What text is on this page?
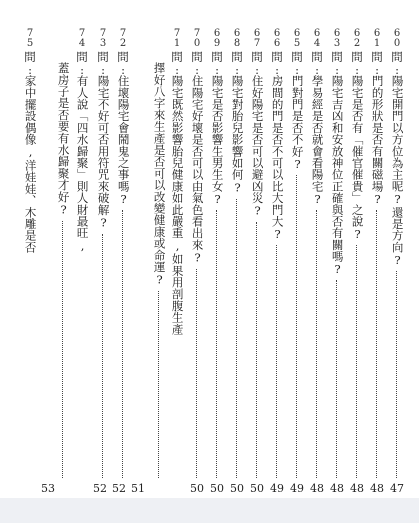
60
問
:
陽宅開門以方位為主呢?還是方向?
61
問
:
門的形狀是否有關磁場?
62
問
:
陽宅是否有「催官催貴」之說?
63
問
:
陽宅吉凶和安放神位正確與否有關嗎?
64
問
:
學易經是否就會看陽宅?
65
問
:
門對門是否不好?
66
問
:
房間的門是否不可以比大門大?
67
問
:
住好陽宅是否可以避凶災?
68
問
:
陽宅對胎兒影響如何?
69
問
:
陽宅是否影響生男生女?
70
問
:
住陽宅好壞是否可以由氣色看出來?
71
問
:
陽宅既然影響胎兒健康如此嚴重,如果用剖腹生產
擇好八字來生產是否可以改變健康或命運?
72
問
:
住壞陽宅會鬧鬼之事嗎?
73
問
:
陽宅不好可否用符咒來破解?
74
問
:
有人說「四水歸聚」則人財最旺,
蓋房子是否要有水歸聚才好?
75
問
:
家中擺設偶像,洋娃娃、木雕是否
47
48
48
48
48
49
49
50
50
50
50
51
52
52
53
